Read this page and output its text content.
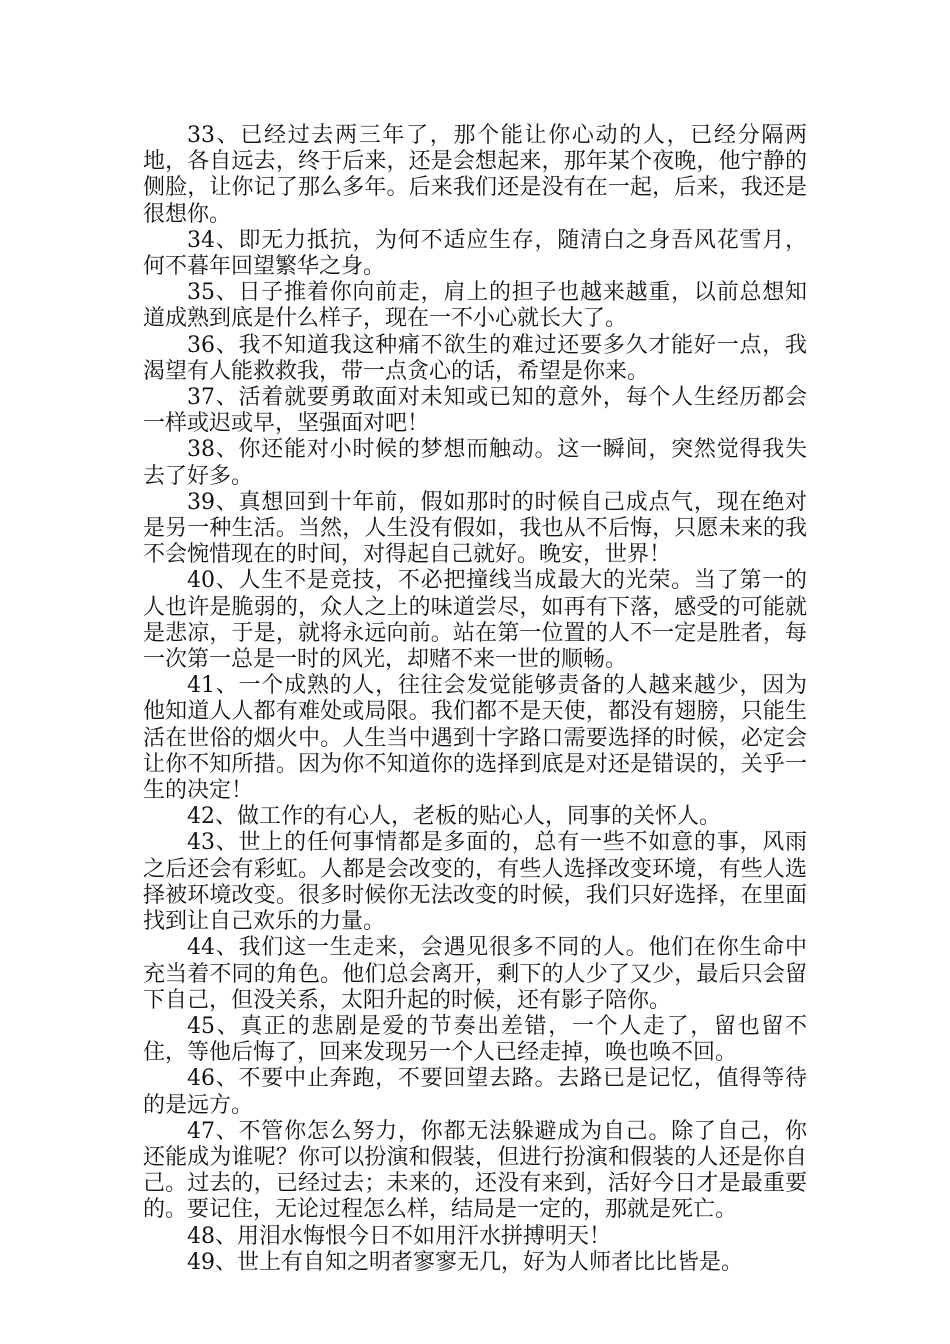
33、已经过去两三年了，那个能让你心动的人，已经分隔两地，各自远去，终于后来，还是会想起来，那年某个夜晚，他宁静的侧脸，让你记了那么多年。后来我们还是没有在一起，后来，我还是很想你。

34、即无力抵抗，为何不适应生存，随清白之身吾风花雪月，何不暮年回望繁华之身。

35、日子推着你向前走，肩上的担子也越来越重，以前总想知道成熟到底是什么样子，现在一不小心就长大了。

36、我不知道我这种痛不欲生的难过还要多久才能好一点，我渴望有人能救救我，带一点贪心的话，希望是你来。

37、活着就要勇敢面对未知或已知的意外，每个人生经历都会一样或迟或早，坚强面对吧！

38、你还能对小时候的梦想而触动。这一瞬间，突然觉得我失去了好多。

39、真想回到十年前，假如那时的时候自己成点气，现在绝对是另一种生活。当然，人生没有假如，我也从不后悔，只愿未来的我不会惋惜现在的时间，对得起自己就好。晚安，世界！

40、人生不是竞技，不必把撞线当成最大的光荣。当了第一的人也许是脆弱的，众人之上的味道尝尽，如再有下落，感受的可能就是悲凉，于是，就将永远向前。站在第一位置的人不一定是胜者，每一次第一总是一时的风光，却赌不来一世的顺畅。

41、一个成熟的人，往往会发觉能够责备的人越来越少，因为他知道人人都有难处或局限。我们都不是天使，都没有翅膀，只能生活在世俗的烟火中。人生当中遇到十字路口需要选择的时候，必定会让你不知所措。因为你不知道你的选择到底是对还是错误的，关乎一生的决定！

42、做工作的有心人，老板的贴心人，同事的关怀人。

43、世上的任何事情都是多面的，总有一些不如意的事，风雨之后还会有彩虹。人都是会改变的，有些人选择改变环境，有些人选择被环境改变。很多时候你无法改变的时候，我们只好选择，在里面找到让自己欢乐的力量。

44、我们这一生走来，会遇见很多不同的人。他们在你生命中充当着不同的角色。他们总会离开，剩下的人少了又少，最后只会留下自己，但没关系，太阳升起的时候，还有影子陪你。

45、真正的悲剧是爱的节奏出差错，一个人走了，留也留不住，等他后悔了，回来发现另一个人已经走掉，唤也唤不回。

46、不要中止奔跑，不要回望去路。去路已是记忆，值得等待的是远方。

47、不管你怎么努力，你都无法躲避成为自己。除了自己，你还能成为谁呢？你可以扮演和假装，但进行扮演和假装的人还是你自己。过去的，已经过去；未来的，还没有来到，活好今日才是最重要的。要记住，无论过程怎么样，结局是一定的，那就是死亡。

48、用泪水悔恨今日不如用汗水拼搏明天！

49、世上有自知之明者寥寥无几，好为人师者比比皆是。
